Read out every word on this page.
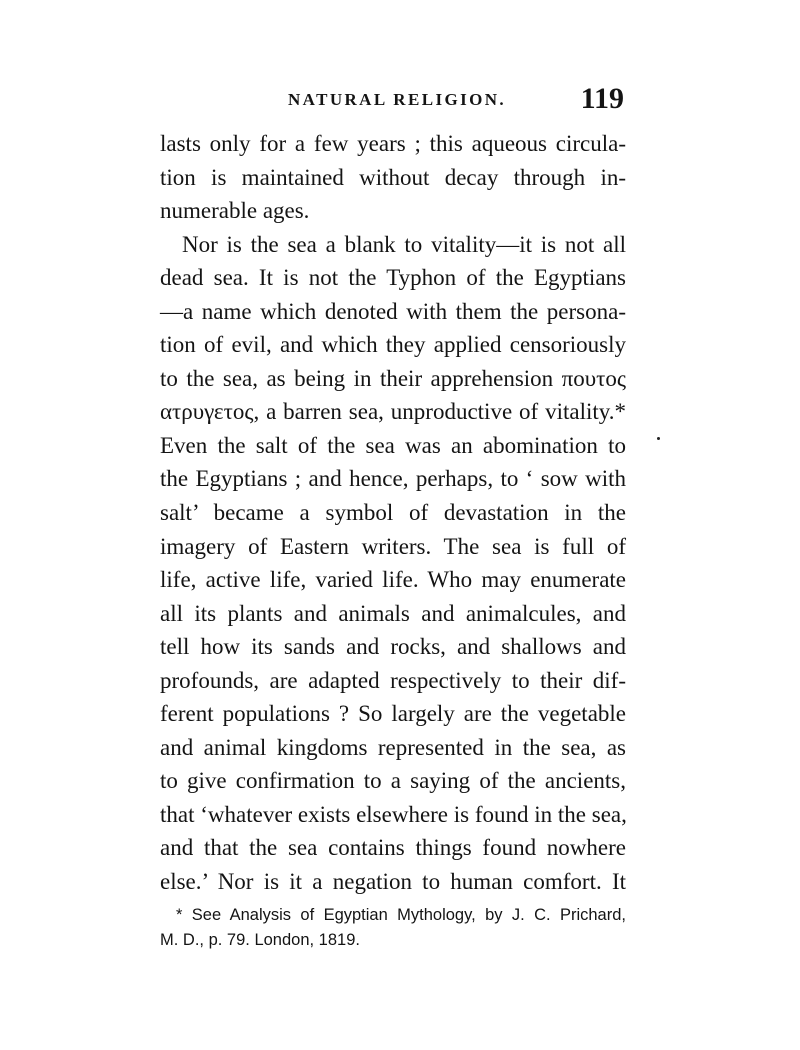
NATURAL RELIGION. 119
lasts only for a few years ; this aqueous circula-
tion is maintained without decay through in-
numerable ages.
Nor is the sea a blank to vitality—it is not all
dead sea. It is not the Typhon of the Egyptians
—a name which denoted with them the persona-
tion of evil, and which they applied censoriously
to the sea, as being in their apprehension πουτος
ατρυγετος, a barren sea, unproductive of vitality.*
Even the salt of the sea was an abomination to
the Egyptians ; and hence, perhaps, to ‘ sow with
salt’ became a symbol of devastation in the
imagery of Eastern writers. The sea is full of
life, active life, varied life. Who may enumerate
all its plants and animals and animalcules, and
tell how its sands and rocks, and shallows and
profounds, are adapted respectively to their dif-
ferent populations ? So largely are the vegetable
and animal kingdoms represented in the sea, as
to give confirmation to a saying of the ancients,
that ‘whatever exists elsewhere is found in the sea,
and that the sea contains things found nowhere
else.’ Nor is it a negation to human comfort. It
* See Analysis of Egyptian Mythology, by J. C. Prichard,
M. D., p. 79. London, 1819.
